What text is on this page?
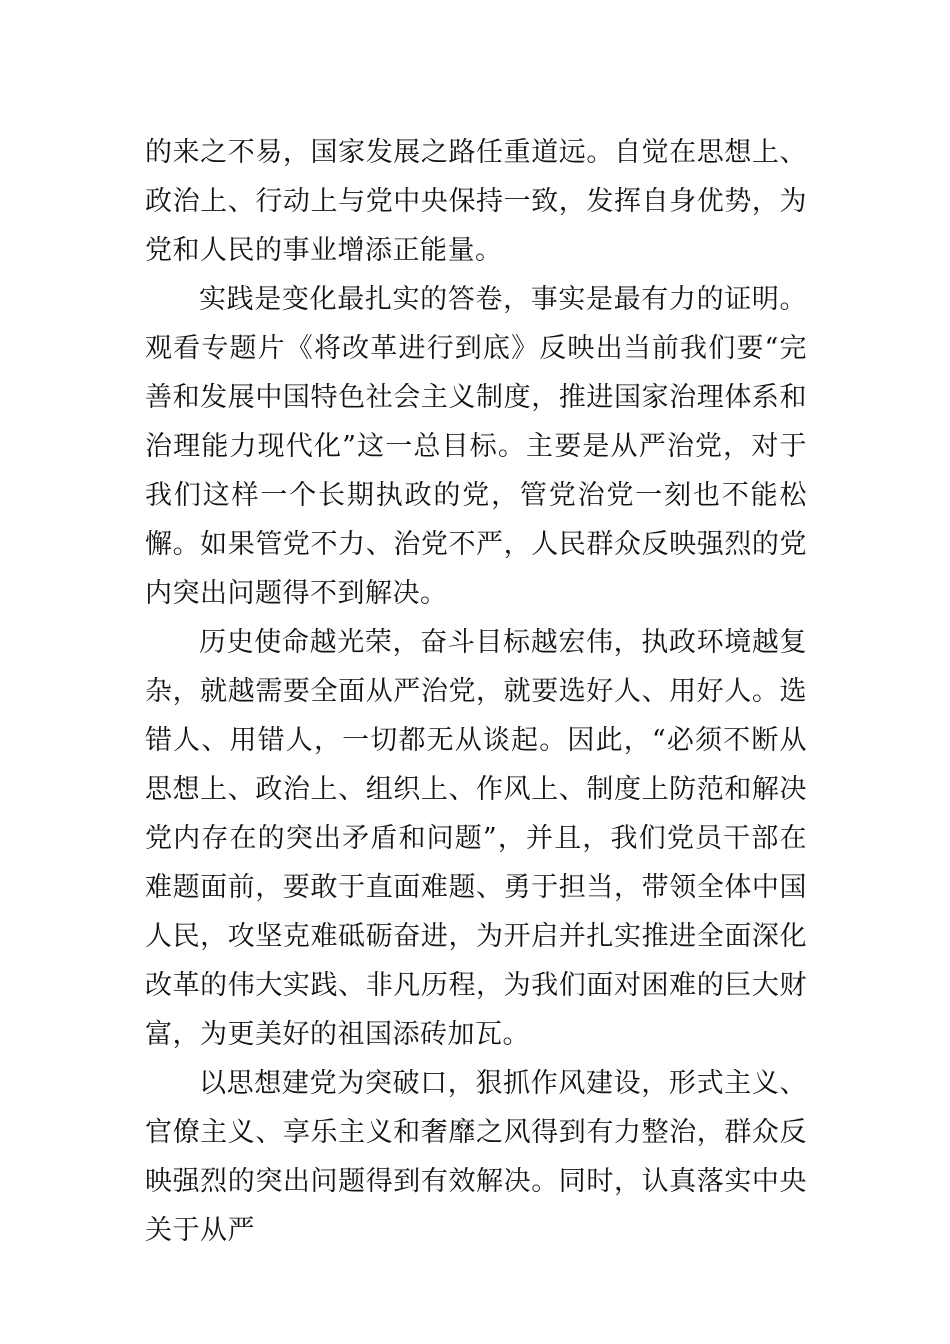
的来之不易，国家发展之路任重道远。自觉在思想上、政治上、行动上与党中央保持一致，发挥自身优势，为党和人民的事业增添正能量。

实践是变化最扎实的答卷，事实是最有力的证明。观看专题片《将改革进行到底》反映出当前我们要“完善和发展中国特色社会主义制度，推进国家治理体系和治理能力现代化”这一总目标。主要是从严治党，对于我们这样一个长期执政的党，管党治党一刻也不能松懈。如果管党不力、治党不严，人民群众反映强烈的党内突出问题得不到解决。

历史使命越光荣，奋斗目标越宏伟，执政环境越复杂，就越需要全面从严治党，就要选好人、用好人。选错人、用错人，一切都无从谈起。因此，“必须不断从思想上、政治上、组织上、作风上、制度上防范和解决党内存在的突出矛盾和问题”，并且，我们党员干部在难题面前，要敢于直面难题、勇于担当，带领全体中国人民，攻坚克难砥砺奋进，为开启并扎实推进全面深化改革的伟大实践、非凡历程，为我们面对困难的巨大财富，为更美好的祖国添砖加瓦。

以思想建党为突破口，狠抓作风建设，形式主义、官僚主义、享乐主义和奢靡之风得到有力整治，群众反映强烈的突出问题得到有效解决。同时，认真落实中央关于从严
